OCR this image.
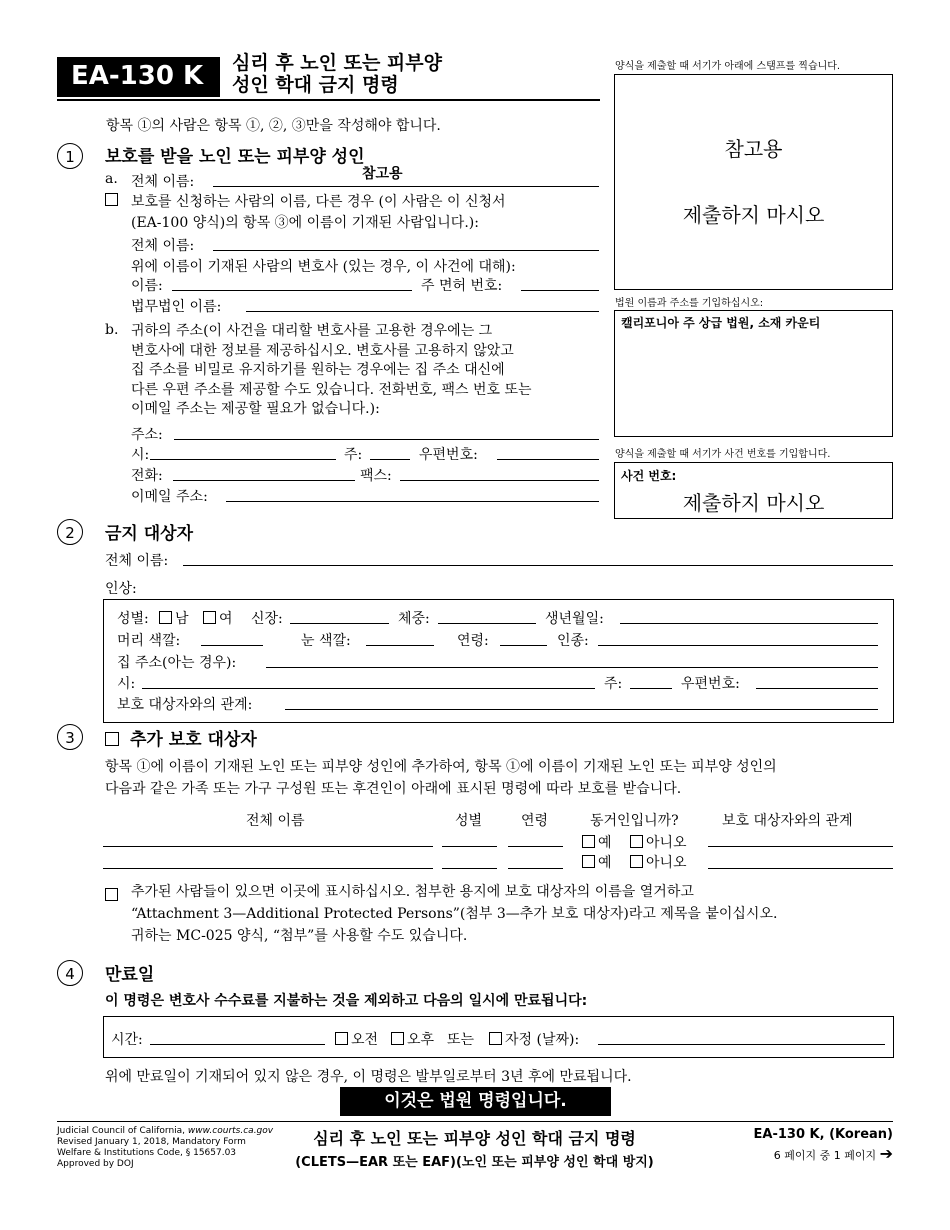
EA-130 K 심리 후 노인 또는 피부양
성인 학대 금지 명령
양식을 제출할 때 서기가 아래에 스탬프를 찍습니다.
참고용
제출하지 마시오
법원 이름과 주소를 기입하십시오:
캘리포니아 주 상급 법원, 소재 카운티
양식을 제출할 때 서기가 사건 번호를 기입합니다.
사건 번호:
제출하지 마시오
항목 ①의 사람은 항목 ①, ②, ③만을 작성해야 합니다.
1	보호를 받을 노인 또는 피부양 성인
a. 전체 이름:	참고용
보호를 신청하는 사람의 이름, 다른 경우 (이 사람은 이 신청서
(EA-100 양식)의 항목 ③에 이름이 기재된 사람입니다.):
전체 이름:
위에 이름이 기재된 사람의 변호사 (있는 경우, 이 사건에 대해):
이름:	주 면허 번호:
법무법인 이름:
b. 귀하의 주소(이 사건을 대리할 변호사를 고용한 경우에는 그
변호사에 대한 정보를 제공하십시오. 변호사를 고용하지 않았고
집 주소를 비밀로 유지하기를 원하는 경우에는 집 주소 대신에
다른 우편 주소를 제공할 수도 있습니다. 전화번호, 팩스 번호 또는
이메일 주소는 제공할 필요가 없습니다.):
주소:
시:	주:	우편번호:
전화:	팩스:
이메일 주소:
2	금지 대상자
전체 이름:
인상:
성별:	남	여 신장:	체중:	생년월일:
머리 색깔:	눈 색깔:	연령:	인종:
집 주소(아는 경우):
시:	주:	우편번호:
보호 대상자와의 관계:
3	추가 보호 대상자
항목 ①에 이름이 기재된 노인 또는 피부양 성인에 추가하여, 항목 ①에 이름이 기재된 노인 또는 피부양 성인의
다음과 같은 가족 또는 가구 구성원 또는 후견인이 아래에 표시된 명령에 따라 보호를 받습니다.
전체 이름	성별	연령	동거인입니까?	보호 대상자와의 관계
예	아니오
예	아니오
추가된 사람들이 있으면 이곳에 표시하십시오. 첨부한 용지에 보호 대상자의 이름을 열거하고
“Attachment 3—Additional Protected Persons”(첨부 3—추가 보호 대상자)라고 제목을 붙이십시오.
귀하는 MC-025 양식, “첨부”를 사용할 수도 있습니다.
4	만료일
이 명령은 변호사 수수료를 지불하는 것을 제외하고 다음의 일시에 만료됩니다:
시간:	오전	오후 또는	자정 (날짜):
위에 만료일이 기재되어 있지 않은 경우, 이 명령은 발부일로부터 3년 후에 만료됩니다.
이것은 법원 명령입니다.
Judicial Council of California, www.courts.ca.gov
Revised January 1, 2018, Mandatory Form
Welfare & Institutions Code, § 15657.03
Approved by DOJ
심리 후 노인 또는 피부양 성인 학대 금지 명령
(CLETS—EAR 또는 EAF)(노인 또는 피부양 성인 학대 방지)
EA-130 K, (Korean)
6 페이지 중 1 페이지 ➔
